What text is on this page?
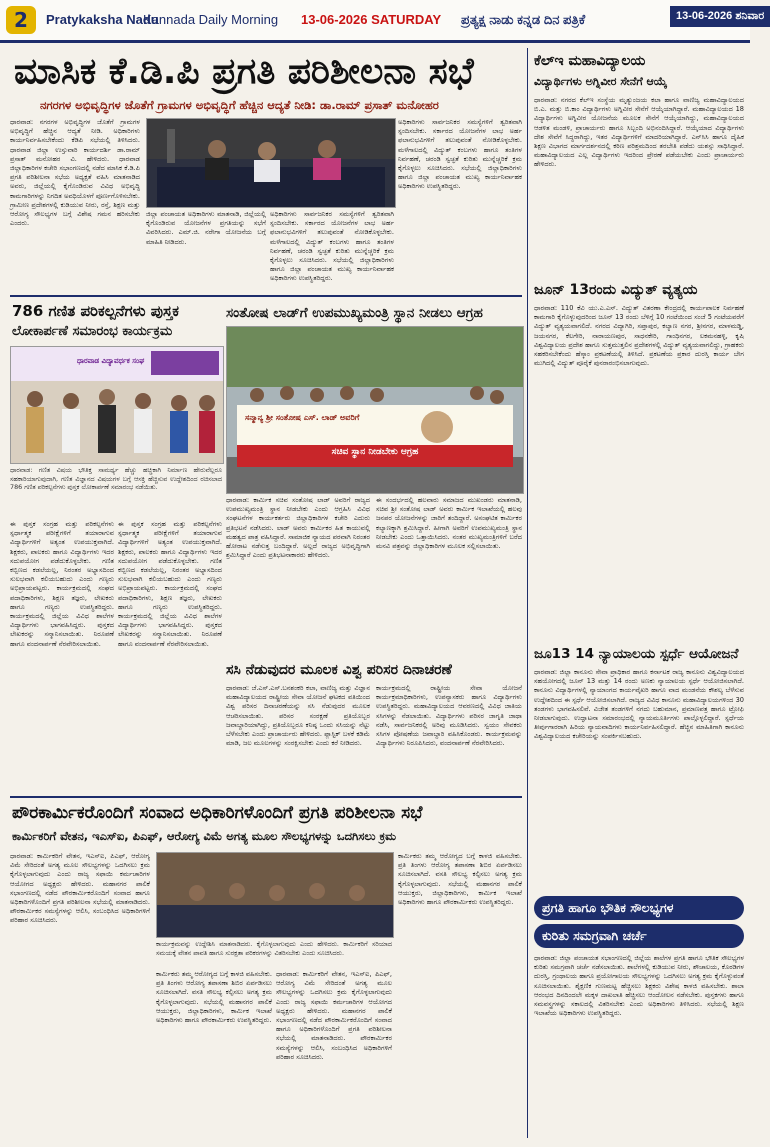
2	Pratykaksha Nadu
Kannada Daily Morning 13-06-2026 SATURDAY ಪ್ರತ್ಯಕ್ಷ ನಾಡು ಕನ್ನಡ ದಿನ ಪತ್ರಿಕೆ	13-06-2026 ಶನಿವಾರ
ಮಾಸಿಕ ಕೆ.ಡಿ.ಪಿ ಪ್ರಗತಿ ಪರಿಶೀಲನಾ ಸಭೆ
ನಗರಗಳ ಅಭಿವೃದ್ಧಿಗಳ ಜೊತೆಗೆ ಗ್ರಾಮಗಳ ಅಭಿವೃದ್ಧಿಗೆ ಹೆಚ್ಚಿನ ಆದ್ಯತೆ ನೀಡಿ: ಡಾ.ರಾಮ್ ಪ್ರಸಾತ್ ಮನೋಹರ
ಧಾರವಾಡ: ನಗರಗಳ ಅಭಿವೃದ್ಧಿಗಳ ಜೊತೆಗೆ ಗ್ರಾಮಗಳ ಅಭಿವೃದ್ಧಿಗೆ ಹೆಚ್ಚಿನ ಆದ್ಯತೆ ನೀಡಿ. ಅಧಿಕಾರಿಗಳು ಕಾರ್ಯನಿರ್ವಹಿಸಬೇಕೆಂದು ಕೆಡಿಪಿ ಸಭೆಯಲ್ಲಿ ತಿಳಿಸಿದರು. ಧಾರವಾಡ ಜಿಲ್ಲಾ ಉಸ್ತುವಾರಿ ಕಾರ್ಯದರ್ಶಿ ಡಾ.ರಾಮ್ ಪ್ರಸಾತ್ ಮನೋಹರ ವಿ. ಹೇಳಿದರು. ಧಾರವಾಡ ಜಿಲ್ಲಾಧಿಕಾರಿಗಳ ಕಚೇರಿ ಸಭಾಂಗಣದಲ್ಲಿ ನಡೆದ ಮಾಸಿಕ ಕೆ.ಡಿ.ಪಿ ಪ್ರಗತಿ ಪರಿಶೀಲನಾ ಸಭೆಯ ಅಧ್ಯಕ್ಷತೆ ವಹಿಸಿ ಮಾತನಾಡಿದ ಅವರು, ಜಿಲ್ಲೆಯಲ್ಲಿ ಕೈಗೊಂಡಿರುವ ವಿವಿಧ ಅಭಿವೃದ್ಧಿ ಕಾಮಗಾರಿಗಳನ್ನು ನಿಗದಿತ ಅವಧಿಯೊಳಗೆ ಪೂರ್ಣಗೊಳಿಸಬೇಕು. ಗ್ರಾಮೀಣ ಪ್ರದೇಶಗಳಲ್ಲಿ ಕುಡಿಯುವ ನೀರು, ರಸ್ತೆ, ಶಿಕ್ಷಣ ಮತ್ತು ಆರೋಗ್ಯ ಸೌಲಭ್ಯಗಳ ಬಗ್ಗೆ ವಿಶೇಷ ಗಮನ ಹರಿಸಬೇಕು ಎಂದರು.
ಜಿಲ್ಲಾ ಪಂಚಾಯತ ಅಧಿಕಾರಿಗಳು ಮಾತನಾಡಿ, ಜಿಲ್ಲೆಯಲ್ಲಿ ಕೈಗೊಂಡಿರುವ ಯೋಜನೆಗಳ ಪ್ರಗತಿಯನ್ನು ಸಭೆಗೆ ವಿವರಿಸಿದರು. ಎಮ್.ಜಿ. ನರೇಗಾ ಯೋಜನೆಯ ಬಗ್ಗೆ ಮಾಹಿತಿ ನೀಡಿದರು.
ಅಧಿಕಾರಿಗಳು ಸಾರ್ವಜನಿಕರ ಸಮಸ್ಯೆಗಳಿಗೆ ತ್ವರಿತವಾಗಿ ಸ್ಪಂದಿಸಬೇಕು. ಸರ್ಕಾರದ ಯೋಜನೆಗಳ ಲಾಭ ಅರ್ಹ ಫಲಾನುಭವಿಗಳಿಗೆ ತಲುಪುವಂತೆ ನೋಡಿಕೊಳ್ಳಬೇಕು. ಮಳೆಗಾಲದಲ್ಲಿ ವಿದ್ಯುತ್ ಕಂಬಗಳು ಹಾಗೂ ತಂತಿಗಳ ನಿರ್ವಹಣೆ, ಚರಂಡಿ ಸ್ವಚ್ಛತೆ ಕುರಿತು ಮುನ್ನೆಚ್ಚರಿಕೆ ಕ್ರಮ ಕೈಗೊಳ್ಳಲು ಸೂಚಿಸಿದರು. ಸಭೆಯಲ್ಲಿ ಜಿಲ್ಲಾಧಿಕಾರಿಗಳು ಹಾಗೂ ಜಿಲ್ಲಾ ಪಂಚಾಯತ ಮುಖ್ಯ ಕಾರ್ಯನಿರ್ವಾಹಕ ಅಧಿಕಾರಿಗಳು ಉಪಸ್ಥಿತರಿದ್ದರು.
ಅಧಿಕಾರಿಗಳು ಸಾರ್ವಜನಿಕರ ಸಮಸ್ಯೆಗಳಿಗೆ ತ್ವರಿತವಾಗಿ ಸ್ಪಂದಿಸಬೇಕು. ಸರ್ಕಾರದ ಯೋಜನೆಗಳ ಲಾಭ ಅರ್ಹ ಫಲಾನುಭವಿಗಳಿಗೆ ತಲುಪುವಂತೆ ನೋಡಿಕೊಳ್ಳಬೇಕು. ಮಳೆಗಾಲದಲ್ಲಿ ವಿದ್ಯುತ್ ಕಂಬಗಳು ಹಾಗೂ ತಂತಿಗಳ ನಿರ್ವಹಣೆ, ಚರಂಡಿ ಸ್ವಚ್ಛತೆ ಕುರಿತು ಮುನ್ನೆಚ್ಚರಿಕೆ ಕ್ರಮ ಕೈಗೊಳ್ಳಲು ಸೂಚಿಸಿದರು. ಸಭೆಯಲ್ಲಿ ಜಿಲ್ಲಾಧಿಕಾರಿಗಳು ಹಾಗೂ ಜಿಲ್ಲಾ ಪಂಚಾಯತ ಮುಖ್ಯ ಕಾರ್ಯನಿರ್ವಾಹಕ ಅಧಿಕಾರಿಗಳು ಉಪಸ್ಥಿತರಿದ್ದರು.
786 ಗಣಿತ ಪರಿಕಲ್ಪನೆಗಳು ಪುಸ್ತಕ
ಲೋಕಾರ್ಪಣೆ ಸಮಾರಂಭ ಕಾರ್ಯಕ್ರಮ
ಧಾರವಾಡ ವಿದ್ಯಾವರ್ಧಕ ಸಂಘ
ಧಾರವಾಡ: ಗಣಿತ ವಿಷಯ ಭೌತಿಕ್ತ ಸಾಮರ್ಥ್ಯ ಹೆಚ್ಚು ಹಚ್ಚಿಕಾಗಿ ನಿರ್ಮಾಣ ಹೇರುವೆಲ್ಲರೂ ಸಹಕಾರಿಯಾಗುವುದಾಗಿ, ಗಣಿತ ವಿಜ್ಞಾನದ ವಿಷಯಗಳ ಬಗ್ಗೆ ಆಸಕ್ತಿ ಹೆಚ್ಚಿಸುವ ಉದ್ದೇಶದಿಂದ ರಚಿಸಲಾದ 786 ಗಣಿತ ಪರಿಕಲ್ಪನೆಗಳು ಪುಸ್ತಕ ಲೋಕಾರ್ಪಣೆ ಸಮಾರಂಭ ನಡೆಯಿತು.
ಈ ಪುಸ್ತಕ ಸಂಗ್ರಹ ಮತ್ತು ಪರಿಕಲ್ಪನೆಗಳು ಸ್ಪರ್ಧಾತ್ಮಕ ಪರೀಕ್ಷೆಗಳಿಗೆ ತಯಾರಾಗುವ ವಿದ್ಯಾರ್ಥಿಗಳಿಗೆ ಅತ್ಯಂತ ಉಪಯುಕ್ತವಾಗಿದೆ. ಶಿಕ್ಷಕರು, ಪಾಲಕರು ಹಾಗೂ ವಿದ್ಯಾರ್ಥಿಗಳು ಇದರ ಸದುಪಯೋಗ ಪಡೆದುಕೊಳ್ಳಬೇಕು. ಗಣಿತ ಕಬ್ಬಿಣದ ಕಡಲೆಯಲ್ಲ, ನಿರಂತರ ಅಭ್ಯಾಸದಿಂದ ಸುಲಭವಾಗಿ ಕಲಿಯಬಹುದು ಎಂದು ಗಣ್ಯರು ಅಭಿಪ್ರಾಯಪಟ್ಟರು. ಕಾರ್ಯಕ್ರಮದಲ್ಲಿ ಸಂಘದ ಪದಾಧಿಕಾರಿಗಳು, ಶಿಕ್ಷಣ ತಜ್ಞರು, ಲೇಖಕರು ಹಾಗೂ ಗಣ್ಯರು ಉಪಸ್ಥಿತರಿದ್ದರು. ಕಾರ್ಯಕ್ರಮದಲ್ಲಿ ಜಿಲ್ಲೆಯ ವಿವಿಧ ಶಾಲೆಗಳ ವಿದ್ಯಾರ್ಥಿಗಳು ಭಾಗವಹಿಸಿದ್ದರು. ಪುಸ್ತಕದ ಲೇಖಕರನ್ನು ಸನ್ಮಾನಿಸಲಾಯಿತು. ನಿರೂಪಣೆ ಹಾಗೂ ವಂದನಾರ್ಪಣೆ ನೆರವೇರಿಸಲಾಯಿತು.
ಈ ಪುಸ್ತಕ ಸಂಗ್ರಹ ಮತ್ತು ಪರಿಕಲ್ಪನೆಗಳು ಸ್ಪರ್ಧಾತ್ಮಕ ಪರೀಕ್ಷೆಗಳಿಗೆ ತಯಾರಾಗುವ ವಿದ್ಯಾರ್ಥಿಗಳಿಗೆ ಅತ್ಯಂತ ಉಪಯುಕ್ತವಾಗಿದೆ. ಶಿಕ್ಷಕರು, ಪಾಲಕರು ಹಾಗೂ ವಿದ್ಯಾರ್ಥಿಗಳು ಇದರ ಸದುಪಯೋಗ ಪಡೆದುಕೊಳ್ಳಬೇಕು. ಗಣಿತ ಕಬ್ಬಿಣದ ಕಡಲೆಯಲ್ಲ, ನಿರಂತರ ಅಭ್ಯಾಸದಿಂದ ಸುಲಭವಾಗಿ ಕಲಿಯಬಹುದು ಎಂದು ಗಣ್ಯರು ಅಭಿಪ್ರಾಯಪಟ್ಟರು. ಕಾರ್ಯಕ್ರಮದಲ್ಲಿ ಸಂಘದ ಪದಾಧಿಕಾರಿಗಳು, ಶಿಕ್ಷಣ ತಜ್ಞರು, ಲೇಖಕರು ಹಾಗೂ ಗಣ್ಯರು ಉಪಸ್ಥಿತರಿದ್ದರು. ಕಾರ್ಯಕ್ರಮದಲ್ಲಿ ಜಿಲ್ಲೆಯ ವಿವಿಧ ಶಾಲೆಗಳ ವಿದ್ಯಾರ್ಥಿಗಳು ಭಾಗವಹಿಸಿದ್ದರು. ಪುಸ್ತಕದ ಲೇಖಕರನ್ನು ಸನ್ಮಾನಿಸಲಾಯಿತು. ನಿರೂಪಣೆ ಹಾಗೂ ವಂದನಾರ್ಪಣೆ ನೆರವೇರಿಸಲಾಯಿತು.
ಸಂತೋಷ ಲಾಡ್‌ಗೆ ಉಪಮುಖ್ಯಮಂತ್ರಿ ಸ್ಥಾನ ನೀಡಲು ಆಗ್ರಹ
ಸನ್ಮಾನ್ಯ ಶ್ರೀ ಸಂತೋಷ ಎಸ್. ಲಾಡ್ ಅವರಿಗೆ
ಸಚಿವ ಸ್ಥಾನ ನೀಡಬೇಕು ಆಗ್ರಹ
ಧಾರವಾಡ: ಕಾರ್ಮಿಕ ಸಚಿವ ಸಂತೋಷ ಲಾಡ್ ಅವರಿಗೆ ರಾಜ್ಯದ ಉಪಮುಖ್ಯಮಂತ್ರಿ ಸ್ಥಾನ ನೀಡಬೇಕು ಎಂದು ಆಗ್ರಹಿಸಿ ವಿವಿಧ ಸಂಘಟನೆಗಳ ಕಾರ್ಯಕರ್ತರು ಜಿಲ್ಲಾಧಿಕಾರಿಗಳ ಕಚೇರಿ ಎದುರು ಪ್ರತಿಭಟನೆ ನಡೆಸಿದರು. ಲಾಡ್ ಅವರು ಕಾರ್ಮಿಕರ ಹಿತ ಕಾಯುವಲ್ಲಿ ಮಹತ್ವದ ಪಾತ್ರ ವಹಿಸಿದ್ದಾರೆ. ಸಾಮಾಜಿಕ ನ್ಯಾಯದ ಪರವಾಗಿ ನಿರಂತರ ಹೋರಾಟ ನಡೆಸುತ್ತ ಬಂದಿದ್ದಾರೆ. ಅಲ್ಲದೆ ರಾಜ್ಯದ ಅಭಿವೃದ್ಧಿಗಾಗಿ ಶ್ರಮಿಸಿದ್ದಾರೆ ಎಂದು ಪ್ರತಿಭಟನಾಕಾರರು ಹೇಳಿದರು.
ಈ ಸಂದರ್ಭದಲ್ಲಿ ಹಲವಾರು ಸಮಾಜದ ಮುಖಂಡರು ಮಾತನಾಡಿ, ಸಚಿವ ಶ್ರೀ ಸಂತೋಷ ಲಾಡ್ ಅವರು ಕಾರ್ಮಿಕ ಇಲಾಖೆಯಲ್ಲಿ ಹಲವು ಜನಪರ ಯೋಜನೆಗಳನ್ನು ಜಾರಿಗೆ ತಂದಿದ್ದಾರೆ. ಅಸಂಘಟಿತ ಕಾರ್ಮಿಕರ ಕಲ್ಯಾಣಕ್ಕಾಗಿ ಶ್ರಮಿಸಿದ್ದಾರೆ. ಹೀಗಾಗಿ ಅವರಿಗೆ ಉಪಮುಖ್ಯಮಂತ್ರಿ ಸ್ಥಾನ ನೀಡಬೇಕು ಎಂದು ಒತ್ತಾಯಿಸಿದರು. ನಂತರ ಮುಖ್ಯಮಂತ್ರಿಗಳಿಗೆ ಬರೆದ ಮನವಿ ಪತ್ರವನ್ನು ಜಿಲ್ಲಾಧಿಕಾರಿಗಳ ಮೂಲಕ ಸಲ್ಲಿಸಲಾಯಿತು.
ಸಸಿ ನೆಡುವುದರ ಮೂಲಕ ವಿಶ್ವ ಪರಿಸರ ದಿನಾಚರಣೆ
ಧಾರವಾಡ: ಜೆ.ಎಸ್.ಎಸ್.ಬನಶಂಕರಿ ಕಲಾ, ವಾಣಿಜ್ಯ ಮತ್ತು ವಿಜ್ಞಾನ ಮಹಾವಿದ್ಯಾಲಯದ ರಾಷ್ಟ್ರೀಯ ಸೇವಾ ಯೋಜನೆ ಘಟಕದ ವತಿಯಿಂದ ವಿಶ್ವ ಪರಿಸರ ದಿನಾಚರಣೆಯನ್ನು ಸಸಿ ನೆಡುವುದರ ಮೂಲಕ ಆಚರಿಸಲಾಯಿತು. ಪರಿಸರ ಸಂರಕ್ಷಣೆ ಪ್ರತಿಯೊಬ್ಬರ ಜವಾಬ್ದಾರಿಯಾಗಿದ್ದು, ಪ್ರತಿಯೊಬ್ಬರೂ ಕನಿಷ್ಠ ಒಂದು ಸಸಿಯನ್ನು ನೆಟ್ಟು ಬೆಳೆಸಬೇಕು ಎಂದು ಪ್ರಾಚಾರ್ಯರು ಹೇಳಿದರು. ಪ್ಲಾಸ್ಟಿಕ್ ಬಳಕೆ ಕಡಿಮೆ ಮಾಡಿ, ಜಲ ಮೂಲಗಳನ್ನು ಸಂರಕ್ಷಿಸಬೇಕು ಎಂದು ಕರೆ ನೀಡಿದರು.
ಕಾರ್ಯಕ್ರಮದಲ್ಲಿ ರಾಷ್ಟ್ರೀಯ ಸೇವಾ ಯೋಜನೆ ಕಾರ್ಯಕ್ರಮಾಧಿಕಾರಿಗಳು, ಉಪನ್ಯಾಸಕರು ಹಾಗೂ ವಿದ್ಯಾರ್ಥಿಗಳು ಉಪಸ್ಥಿತರಿದ್ದರು. ಮಹಾವಿದ್ಯಾಲಯದ ಆವರಣದಲ್ಲಿ ವಿವಿಧ ಜಾತಿಯ ಸಸಿಗಳನ್ನು ನೆಡಲಾಯಿತು. ವಿದ್ಯಾರ್ಥಿಗಳು ಪರಿಸರ ಜಾಗೃತಿ ಜಾಥಾ ನಡೆಸಿ, ಸಾರ್ವಜನಿಕರಲ್ಲಿ ಅರಿವು ಮೂಡಿಸಿದರು. ಸ್ವಯಂ ಸೇವಕರು ಸಸಿಗಳ ಪೋಷಣೆಯ ಜವಾಬ್ದಾರಿ ವಹಿಸಿಕೊಂಡರು. ಕಾರ್ಯಕ್ರಮವನ್ನು ವಿದ್ಯಾರ್ಥಿಗಳು ನಿರೂಪಿಸಿದರು, ವಂದನಾರ್ಪಣೆ ನೆರವೇರಿಸಿದರು.
ಪೌರಕಾರ್ಮಿಕರೊಂದಿಗೆ ಸಂವಾದ ಅಧಿಕಾರಿಗಳೊಂದಿಗೆ ಪ್ರಗತಿ ಪರಿಶೀಲನಾ ಸಭೆ
ಕಾರ್ಮಿಕರಿಗೆ ವೇತನ, ಇಎಸ್‌ಐ, ಪಿಎಫ್, ಆರೋಗ್ಯ ವಿಮೆ ಅಗತ್ಯ ಮೂಲ ಸೌಲಭ್ಯಗಳನ್ನು ಒದಗಿಸಲು ಕ್ರಮ
ಧಾರವಾಡ: ಕಾರ್ಮಿಕರಿಗೆ ವೇತನ, ಇಎಸ್‌ಐ, ಪಿಎಫ್, ಆರೋಗ್ಯ ವಿಮೆ ಸೇರಿದಂತೆ ಅಗತ್ಯ ಮೂಲ ಸೌಲಭ್ಯಗಳನ್ನು ಒದಗಿಸಲು ಕ್ರಮ ಕೈಗೊಳ್ಳಲಾಗುವುದು ಎಂದು ರಾಜ್ಯ ಸಫಾಯಿ ಕರ್ಮಚಾರಿಗಳ ಆಯೋಗದ ಅಧ್ಯಕ್ಷರು ಹೇಳಿದರು. ಮಹಾನಗರ ಪಾಲಿಕೆ ಸಭಾಂಗಣದಲ್ಲಿ ನಡೆದ ಪೌರಕಾರ್ಮಿಕರೊಂದಿಗೆ ಸಂವಾದ ಹಾಗೂ ಅಧಿಕಾರಿಗಳೊಂದಿಗೆ ಪ್ರಗತಿ ಪರಿಶೀಲನಾ ಸಭೆಯಲ್ಲಿ ಮಾತನಾಡಿದರು. ಪೌರಕಾರ್ಮಿಕರ ಸಮಸ್ಯೆಗಳನ್ನು ಆಲಿಸಿ, ಸಂಬಂಧಿಸಿದ ಅಧಿಕಾರಿಗಳಿಗೆ ಪರಿಹಾರ ಸೂಚಿಸಿದರು.
ಕಾರ್ಯಕ್ರಮವನ್ನು ಉದ್ದೇಶಿಸಿ ಮಾತನಾಡಿದರು. ಕೈಗೊಳ್ಳಲಾಗುವುದು ಎಂದು ಹೇಳಿದರು. ಕಾರ್ಮಿಕರಿಗೆ ಸರಿಯಾದ ಸಮಯಕ್ಕೆ ವೇತನ ಪಾವತಿ ಹಾಗೂ ಸುರಕ್ಷತಾ ಪರಿಕರಗಳನ್ನು ವಿತರಿಸಬೇಕು ಎಂದು ಸೂಚಿಸಿದರು.
ಕಾರ್ಮಿಕರು ತಮ್ಮ ಆರೋಗ್ಯದ ಬಗ್ಗೆ ಕಾಳಜಿ ವಹಿಸಬೇಕು. ಪ್ರತಿ ತಿಂಗಳು ಆರೋಗ್ಯ ತಪಾಸಣಾ ಶಿಬಿರ ಏರ್ಪಡಿಸಲು ಸೂಚಿಸಲಾಗಿದೆ. ವಸತಿ ಸೌಲಭ್ಯ ಕಲ್ಪಿಸಲು ಅಗತ್ಯ ಕ್ರಮ ಕೈಗೊಳ್ಳಲಾಗುವುದು. ಸಭೆಯಲ್ಲಿ ಮಹಾನಗರ ಪಾಲಿಕೆ ಆಯುಕ್ತರು, ಜಿಲ್ಲಾಧಿಕಾರಿಗಳು, ಕಾರ್ಮಿಕ ಇಲಾಖೆ ಅಧಿಕಾರಿಗಳು ಹಾಗೂ ಪೌರಕಾರ್ಮಿಕರು ಉಪಸ್ಥಿತರಿದ್ದರು.
ಧಾರವಾಡ: ಕಾರ್ಮಿಕರಿಗೆ ವೇತನ, ಇಎಸ್‌ಐ, ಪಿಎಫ್, ಆರೋಗ್ಯ ವಿಮೆ ಸೇರಿದಂತೆ ಅಗತ್ಯ ಮೂಲ ಸೌಲಭ್ಯಗಳನ್ನು ಒದಗಿಸಲು ಕ್ರಮ ಕೈಗೊಳ್ಳಲಾಗುವುದು ಎಂದು ರಾಜ್ಯ ಸಫಾಯಿ ಕರ್ಮಚಾರಿಗಳ ಆಯೋಗದ ಅಧ್ಯಕ್ಷರು ಹೇಳಿದರು. ಮಹಾನಗರ ಪಾಲಿಕೆ ಸಭಾಂಗಣದಲ್ಲಿ ನಡೆದ ಪೌರಕಾರ್ಮಿಕರೊಂದಿಗೆ ಸಂವಾದ ಹಾಗೂ ಅಧಿಕಾರಿಗಳೊಂದಿಗೆ ಪ್ರಗತಿ ಪರಿಶೀಲನಾ ಸಭೆಯಲ್ಲಿ ಮಾತನಾಡಿದರು. ಪೌರಕಾರ್ಮಿಕರ ಸಮಸ್ಯೆಗಳನ್ನು ಆಲಿಸಿ, ಸಂಬಂಧಿಸಿದ ಅಧಿಕಾರಿಗಳಿಗೆ ಪರಿಹಾರ ಸೂಚಿಸಿದರು.
ಕಾರ್ಮಿಕರು ತಮ್ಮ ಆರೋಗ್ಯದ ಬಗ್ಗೆ ಕಾಳಜಿ ವಹಿಸಬೇಕು. ಪ್ರತಿ ತಿಂಗಳು ಆರೋಗ್ಯ ತಪಾಸಣಾ ಶಿಬಿರ ಏರ್ಪಡಿಸಲು ಸೂಚಿಸಲಾಗಿದೆ. ವಸತಿ ಸೌಲಭ್ಯ ಕಲ್ಪಿಸಲು ಅಗತ್ಯ ಕ್ರಮ ಕೈಗೊಳ್ಳಲಾಗುವುದು. ಸಭೆಯಲ್ಲಿ ಮಹಾನಗರ ಪಾಲಿಕೆ ಆಯುಕ್ತರು, ಜಿಲ್ಲಾಧಿಕಾರಿಗಳು, ಕಾರ್ಮಿಕ ಇಲಾಖೆ ಅಧಿಕಾರಿಗಳು ಹಾಗೂ ಪೌರಕಾರ್ಮಿಕರು ಉಪಸ್ಥಿತರಿದ್ದರು.
ಕೆಲ್‌ಇ ಮಹಾವಿದ್ಯಾಲಯ
ವಿದ್ಯಾರ್ಥಿಗಳು ಅಗ್ನಿವೀರ ಸೇನೆಗೆ ಆಯ್ಕೆ
ಧಾರವಾಡ: ನಗರದ ಕೆಲ್‌ಇ ಸಂಸ್ಥೆಯ ಮೃತ್ಯುಂಜಯ ಕಲಾ ಹಾಗೂ ವಾಣಿಜ್ಯ ಮಹಾವಿದ್ಯಾಲಯದ ಬಿ.ಎ. ಮತ್ತು ಬಿ.ಕಾಂ ವಿದ್ಯಾರ್ಥಿಗಳು ಅಗ್ನಿವೀರ ಸೇನೆಗೆ ಆಯ್ಕೆಯಾಗಿದ್ದಾರೆ. ಮಹಾವಿದ್ಯಾಲಯದ 18 ವಿದ್ಯಾರ್ಥಿಗಳು ಅಗ್ನಿವೀರ ಯೋಜನೆಯ ಮೂಲಕ ಸೇನೆಗೆ ಆಯ್ಕೆಯಾಗಿದ್ದು, ಮಹಾವಿದ್ಯಾಲಯದ ಆಡಳಿತ ಮಂಡಳಿ, ಪ್ರಾಚಾರ್ಯರು ಹಾಗೂ ಸಿಬ್ಬಂದಿ ಅಭಿನಂದಿಸಿದ್ದಾರೆ. ಆಯ್ಕೆಯಾದ ವಿದ್ಯಾರ್ಥಿಗಳು ದೇಶ ಸೇವೆಗೆ ಸಿದ್ಧರಾಗಿದ್ದು, ಇತರ ವಿದ್ಯಾರ್ಥಿಗಳಿಗೆ ಮಾದರಿಯಾಗಿದ್ದಾರೆ. ಎನ್‌ಸಿಸಿ ಹಾಗೂ ದೈಹಿಕ ಶಿಕ್ಷಣ ವಿಭಾಗದ ಮಾರ್ಗದರ್ಶನದಲ್ಲಿ ಕಠಿಣ ಪರಿಶ್ರಮದಿಂದ ತರಬೇತಿ ಪಡೆದು ಯಶಸ್ಸು ಸಾಧಿಸಿದ್ದಾರೆ. ಮಹಾವಿದ್ಯಾಲಯದ ಎಲ್ಲ ವಿದ್ಯಾರ್ಥಿಗಳು ಇದರಿಂದ ಪ್ರೇರಣೆ ಪಡೆಯಬೇಕು ಎಂದು ಪ್ರಾಚಾರ್ಯರು ಹೇಳಿದರು.
ಜೂನ್ 13ರಂದು ವಿದ್ಯುತ್ ವ್ಯತ್ಯಯ
ಧಾರವಾಡ: 110 ಕೆವಿ ಯು.ಎ.ಎಸ್. ವಿದ್ಯುತ್ ವಿತರಣಾ ಕೇಂದ್ರದಲ್ಲಿ ಕಾರ್ಯಪಾಲಕ ನಿರ್ವಹಣೆ ಕಾಮಗಾರಿ ಕೈಗೊಳ್ಳುವುದರಿಂದ ಜೂನ್ 13 ರಂದು ಬೆಳಿಗ್ಗೆ 10 ಗಂಟೆಯಿಂದ ಸಂಜೆ 5 ಗಂಟೆಯವರೆಗೆ ವಿದ್ಯುತ್ ವ್ಯತ್ಯಯವಾಗಲಿದೆ. ನಗರದ ವಿದ್ಯಾಗಿರಿ, ಸಪ್ತಾಪುರ, ಕಲ್ಯಾಣ ನಗರ, ಶ್ರೀನಗರ, ಮಾಳಮಡ್ಡಿ, ಜಯನಗರ, ಕೆಲಗೇರಿ, ನಾರಾಯಣಪುರ, ಸಾಧನಕೇರಿ, ಗಾಂಧಿನಗರ, ಲಕಮನಹಳ್ಳಿ, ಕೃಷಿ ವಿಶ್ವವಿದ್ಯಾಲಯ ಪ್ರದೇಶ ಹಾಗೂ ಸುತ್ತಮುತ್ತಲಿನ ಪ್ರದೇಶಗಳಲ್ಲಿ ವಿದ್ಯುತ್ ವ್ಯತ್ಯಯವಾಗಲಿದ್ದು, ಗ್ರಾಹಕರು ಸಹಕರಿಸಬೇಕೆಂದು ಹೆಸ್ಕಾಂ ಪ್ರಕಟಣೆಯಲ್ಲಿ ತಿಳಿಸಿದೆ. ಪ್ರಕಟಣೆಯ ಪ್ರಕಾರ ದುರಸ್ತಿ ಕಾರ್ಯ ಬೇಗ ಮುಗಿದಲ್ಲಿ ವಿದ್ಯುತ್ ಪೂರೈಕೆ ಪುನರಾರಂಭಿಸಲಾಗುವುದು.
ಜೂ13 14 ನ್ಯಾಯಾಲಯ ಸ್ಪರ್ಧೆ ಆಯೋಜನೆ
ಧಾರವಾಡ: ಜಿಲ್ಲಾ ಕಾನೂನು ಸೇವಾ ಪ್ರಾಧಿಕಾರ ಹಾಗೂ ಕರ್ನಾಟಕ ರಾಜ್ಯ ಕಾನೂನು ವಿಶ್ವವಿದ್ಯಾಲಯದ ಸಹಯೋಗದಲ್ಲಿ ಜೂನ್ 13 ಮತ್ತು 14 ರಂದು ಅಣಕು ನ್ಯಾಯಾಲಯ ಸ್ಪರ್ಧೆ ಆಯೋಜಿಸಲಾಗಿದೆ. ಕಾನೂನು ವಿದ್ಯಾರ್ಥಿಗಳಲ್ಲಿ ನ್ಯಾಯಾಂಗದ ಕಾರ್ಯವೈಖರಿ ಹಾಗೂ ವಾದ ಮಂಡನೆಯ ಕೌಶಲ್ಯ ಬೆಳೆಸುವ ಉದ್ದೇಶದಿಂದ ಈ ಸ್ಪರ್ಧೆ ಆಯೋಜಿಸಲಾಗಿದೆ. ರಾಜ್ಯದ ವಿವಿಧ ಕಾನೂನು ಮಹಾವಿದ್ಯಾಲಯಗಳಿಂದ 30 ತಂಡಗಳು ಭಾಗವಹಿಸಲಿವೆ. ವಿಜೇತ ತಂಡಗಳಿಗೆ ನಗದು ಬಹುಮಾನ, ಪ್ರಮಾಣಪತ್ರ ಹಾಗೂ ಟ್ರೋಫಿ ನೀಡಲಾಗುವುದು. ಉದ್ಘಾಟನಾ ಸಮಾರಂಭದಲ್ಲಿ ನ್ಯಾಯಮೂರ್ತಿಗಳು ಪಾಲ್ಗೊಳ್ಳಲಿದ್ದಾರೆ. ಸ್ಪರ್ಧೆಯ ತೀರ್ಪುಗಾರರಾಗಿ ಹಿರಿಯ ನ್ಯಾಯವಾದಿಗಳು ಕಾರ್ಯನಿರ್ವಹಿಸಲಿದ್ದಾರೆ. ಹೆಚ್ಚಿನ ಮಾಹಿತಿಗಾಗಿ ಕಾನೂನು ವಿಶ್ವವಿದ್ಯಾಲಯದ ಕಚೇರಿಯನ್ನು ಸಂಪರ್ಕಿಸಬಹುದು.
ಪ್ರಗತಿ ಹಾಗೂ ಭೌತಿಕ ಸೌಲಭ್ಯಗಳ
ಕುರಿತು ಸಮಗ್ರವಾಗಿ ಚರ್ಚೆ
ಧಾರವಾಡ: ಜಿಲ್ಲಾ ಪಂಚಾಯತ ಸಭಾಂಗಣದಲ್ಲಿ ಜಿಲ್ಲೆಯ ಶಾಲೆಗಳ ಪ್ರಗತಿ ಹಾಗೂ ಭೌತಿಕ ಸೌಲಭ್ಯಗಳ ಕುರಿತು ಸಮಗ್ರವಾಗಿ ಚರ್ಚೆ ನಡೆಸಲಾಯಿತು. ಶಾಲೆಗಳಲ್ಲಿ ಕುಡಿಯುವ ನೀರು, ಶೌಚಾಲಯ, ಕೊಠಡಿಗಳ ದುರಸ್ತಿ, ಗ್ರಂಥಾಲಯ ಹಾಗೂ ಪ್ರಯೋಗಾಲಯ ಸೌಲಭ್ಯಗಳನ್ನು ಒದಗಿಸಲು ಅಗತ್ಯ ಕ್ರಮ ಕೈಗೊಳ್ಳುವಂತೆ ಸೂಚಿಸಲಾಯಿತು. ಶೈಕ್ಷಣಿಕ ಗುಣಮಟ್ಟ ಹೆಚ್ಚಿಸಲು ಶಿಕ್ಷಕರು ವಿಶೇಷ ಕಾಳಜಿ ವಹಿಸಬೇಕು. ಶಾಲಾ ಆರಂಭದ ದಿನದಿಂದಲೇ ಮಕ್ಕಳ ದಾಖಲಾತಿ ಹೆಚ್ಚಿಸಲು ಆಂದೋಲನ ನಡೆಸಬೇಕು. ಪುಸ್ತಕಗಳು ಹಾಗೂ ಸಮವಸ್ತ್ರಗಳನ್ನು ಸಕಾಲದಲ್ಲಿ ವಿತರಿಸಬೇಕು ಎಂದು ಅಧಿಕಾರಿಗಳು ತಿಳಿಸಿದರು. ಸಭೆಯಲ್ಲಿ ಶಿಕ್ಷಣ ಇಲಾಖೆಯ ಅಧಿಕಾರಿಗಳು ಉಪಸ್ಥಿತರಿದ್ದರು.
